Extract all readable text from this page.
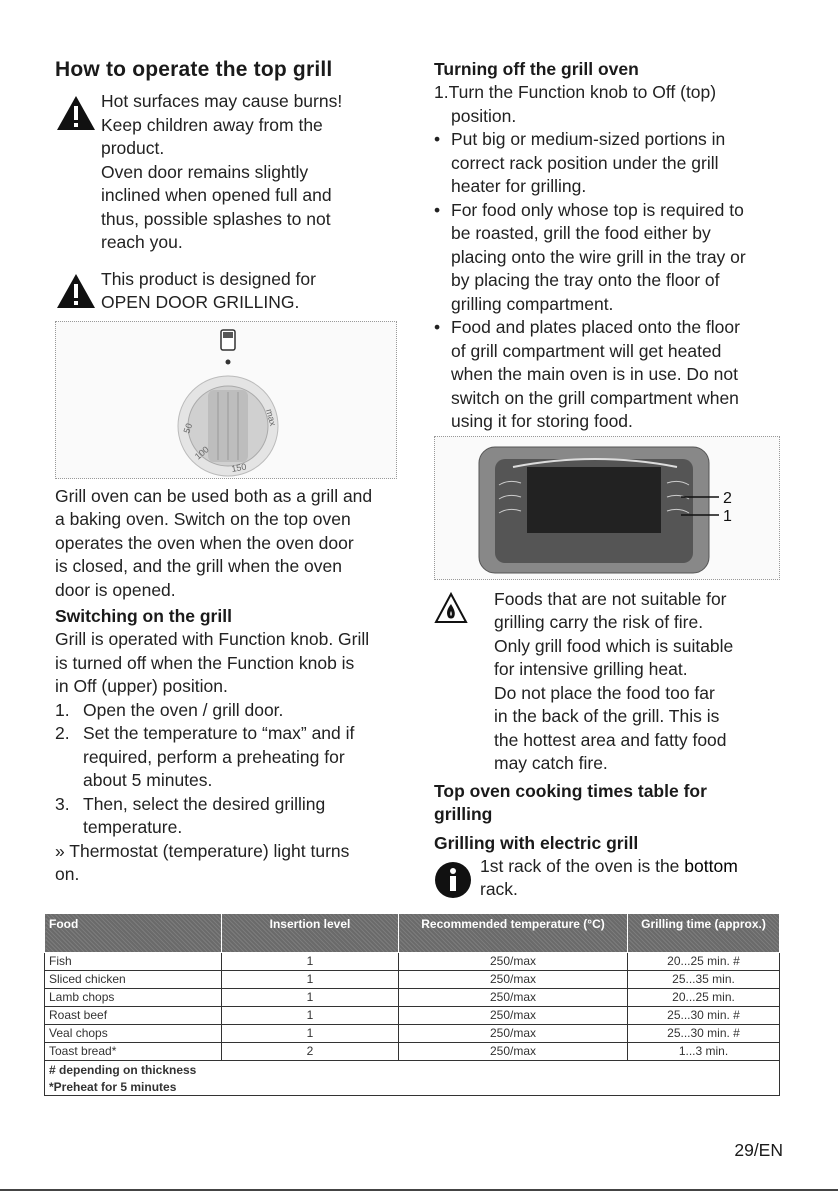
How to operate the top grill
Hot surfaces may cause burns!
Keep children away from the
product.
Oven door remains slightly
inclined when opened full and
thus, possible splashes to not
reach you.
This product is designed for
OPEN DOOR GRILLING.
50
100
150
max
Grill oven can be used both as a grill and
a baking oven. Switch on the top oven
operates the oven when the oven door
is closed, and the grill when the oven
door is opened.
Switching on the grill
Grill is operated with Function knob. Grill
is turned off when the Function knob is
in Off (upper) position.
1. Open the oven / grill door.
2. Set the temperature to “max” and if
required, perform a preheating for
about 5 minutes.
3. Then, select the desired grilling
temperature.
» Thermostat (temperature) light turns
on.
Turning off the grill oven
1.Turn the Function knob to Off (top)
position.
• Put big or medium-sized portions in
correct rack position under the grill
heater for grilling.
• For food only whose top is required to
be roasted, grill the food either by
placing onto the wire grill in the tray or
by placing the tray onto the floor of
grilling compartment.
• Food and plates placed onto the floor
of grill compartment will get heated
when the main oven is in use. Do not
switch on the grill compartment when
using it for storing food.
2
1
Foods that are not suitable for
grilling carry the risk of fire.
Only grill food which is suitable
for intensive grilling heat.
Do not place the food too far
in the back of the grill. This is
the hottest area and fatty food
may catch fire.
Top oven cooking times table for
grilling
Grilling with electric grill
1st rack of the oven is the bottom
rack.
Food	Insertion level	Recommended temperature (°C)	Grilling time (approx.)
Fish	1	250/max	20...25 min. #
Sliced chicken	1	250/max	25...35 min.
Lamb chops	1	250/max	20...25 min.
Roast beef	1	250/max	25...30 min. #
Veal chops	1	250/max	25...30 min. #
Toast bread*	2	250/max	1...3 min.
# depending on thickness			
*Preheat for 5 minutes			
29/EN
